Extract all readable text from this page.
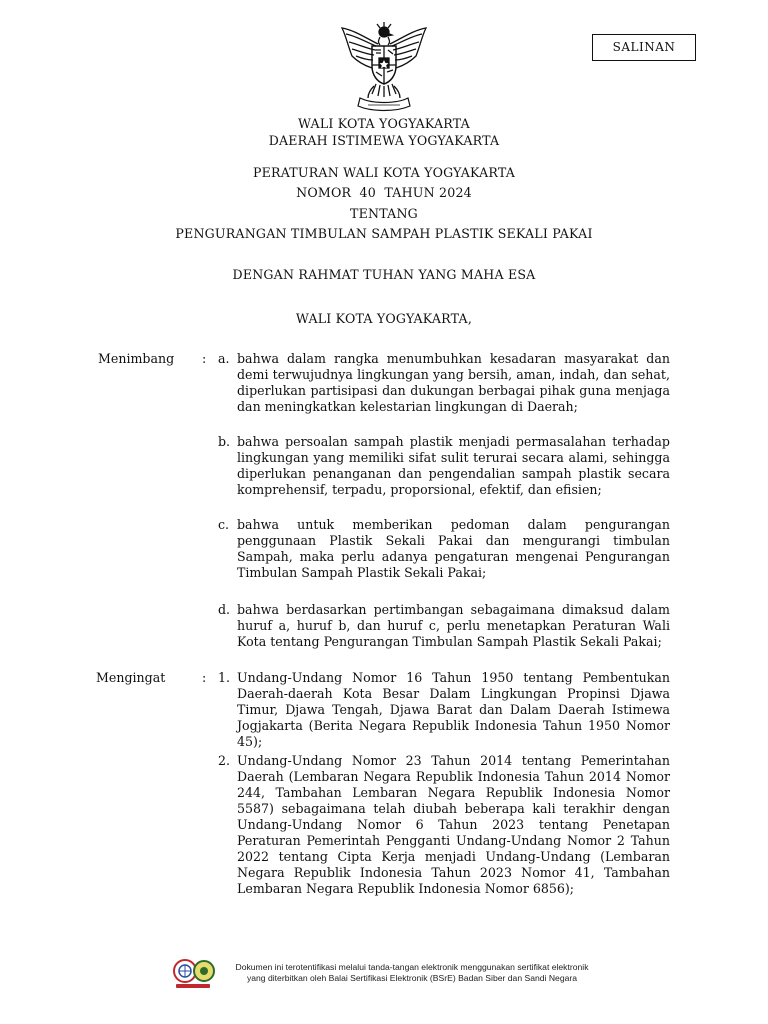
SALINAN
WALI KOTA YOGYAKARTA
DAERAH ISTIMEWA YOGYAKARTA
PERATURAN WALI KOTA YOGYAKARTA
NOMOR  40  TAHUN 2024
TENTANG
PENGURANGAN TIMBULAN SAMPAH PLASTIK SEKALI PAKAI
DENGAN RAHMAT TUHAN YANG MAHA ESA
WALI KOTA YOGYAKARTA,
Menimbang : a. bahwa dalam rangka menumbuhkan kesadaran masyarakat dan demi terwujudnya lingkungan yang bersih, aman, indah, dan sehat, diperlukan partisipasi dan dukungan berbagai pihak guna menjaga dan meningkatkan kelestarian lingkungan di Daerah;
b. bahwa persoalan sampah plastik menjadi permasalahan terhadap lingkungan yang memiliki sifat sulit terurai secara alami, sehingga diperlukan penanganan dan pengendalian sampah plastik secara komprehensif, terpadu, proporsional, efektif, dan efisien;
c. bahwa untuk memberikan pedoman dalam pengurangan penggunaan Plastik Sekali Pakai dan mengurangi timbulan Sampah, maka perlu adanya pengaturan mengenai Pengurangan Timbulan Sampah Plastik Sekali Pakai;
d. bahwa berdasarkan pertimbangan sebagaimana dimaksud dalam huruf a, huruf b, dan huruf c, perlu menetapkan Peraturan Wali Kota tentang Pengurangan Timbulan Sampah Plastik Sekali Pakai;
Mengingat	: 1. Undang-Undang Nomor 16 Tahun 1950 tentang Pembentukan Daerah-daerah Kota Besar Dalam Lingkungan Propinsi Djawa Timur, Djawa Tengah, Djawa Barat dan Dalam Daerah Istimewa Jogjakarta (Berita Negara Republik Indonesia Tahun 1950 Nomor 45);
2. Undang-Undang Nomor 23 Tahun 2014 tentang Pemerintahan Daerah (Lembaran Negara Republik Indonesia Tahun 2014 Nomor 244, Tambahan Lembaran Negara Republik Indonesia Nomor 5587) sebagaimana telah diubah beberapa kali terakhir dengan Undang-Undang Nomor 6 Tahun 2023 tentang Penetapan Peraturan Pemerintah Pengganti Undang-Undang Nomor 2 Tahun 2022 tentang Cipta Kerja menjadi Undang-Undang (Lembaran Negara Republik Indonesia Tahun 2023 Nomor 41, Tambahan Lembaran Negara Republik Indonesia Nomor 6856);
Dokumen ini terotentifikasi melalui tanda-tangan elektronik menggunakan sertifikat elektronik
yang diterbitkan oleh Balai Sertifikasi Elektronik (BSrE) Badan Siber dan Sandi Negara
